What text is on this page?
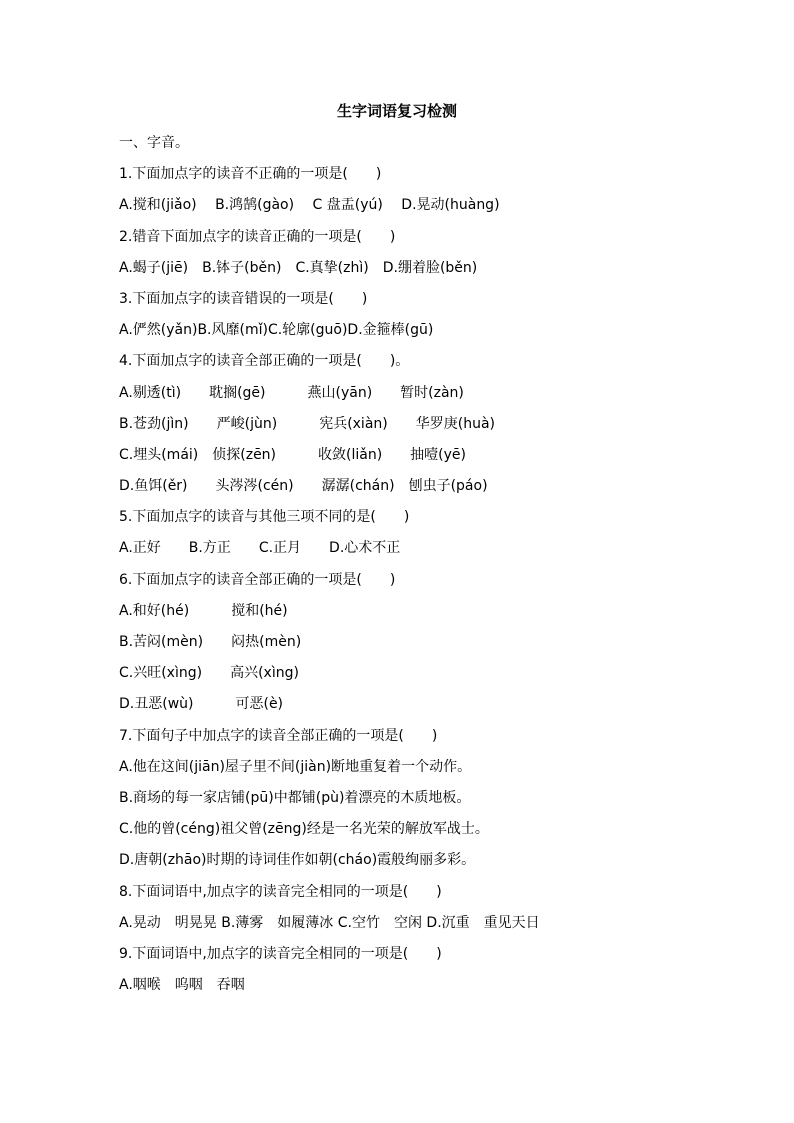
生字词语复习检测
一、字音。
1.下面加点字的读音不正确的一项是(　　)
A.搅和(jiǎo)　 B.鸿鹄(gào)　 C 盘盂(yú)　 D.晃动(huàng)
2.错音下面加点字的读音正确的一项是(　　)
A.蝎子(jiē)　B.钵子(běn)　C.真挚(zhì)　D.绷着脸(běn)
3.下面加点字的读音错误的一项是(　　)
A.俨然(yǎn)B.风靡(mǐ)C.轮廓(guō)D.金箍棒(gū)
4.下面加点字的读音全部正确的一项是(　　)。
A.剔透(tì)　　耽搁(gē)　　　燕山(yān)　　暂时(zàn)
B.苍劲(jìn)　　严峻(jùn)　　　宪兵(xiàn)　　华罗庚(huà)
C.埋头(mái)　侦探(zēn)　　　收敛(liǎn)　　抽噎(yē)
D.鱼饵(ěr)　　头涔涔(cén)　　潺潺(chán)　刨虫子(páo)
5.下面加点字的读音与其他三项不同的是(　　)
A.正好　　B.方正　　C.正月　　D.心术不正
6.下面加点字的读音全部正确的一项是(　　)
A.和好(hé)　　　搅和(hé)
B.苦闷(mèn)　　闷热(mèn)
C.兴旺(xìng)　　高兴(xìng)
D.丑恶(wù)　　　可恶(è)
7.下面句子中加点字的读音全部正确的一项是(　　)
A.他在这间(jiān)屋子里不间(jiàn)断地重复着一个动作。
B.商场的每一家店铺(pū)中都铺(pù)着漂亮的木质地板。
C.他的曾(céng)祖父曾(zēng)经是一名光荣的解放军战士。
D.唐朝(zhāo)时期的诗词佳作如朝(cháo)霞般绚丽多彩。
8.下面词语中,加点字的读音完全相同的一项是(　　)
A.晃动　明晃晃 B.薄雾　如履薄冰 C.空竹　空闲 D.沉重　重见天日
9.下面词语中,加点字的读音完全相同的一项是(　　)
A.咽喉　呜咽　吞咽
